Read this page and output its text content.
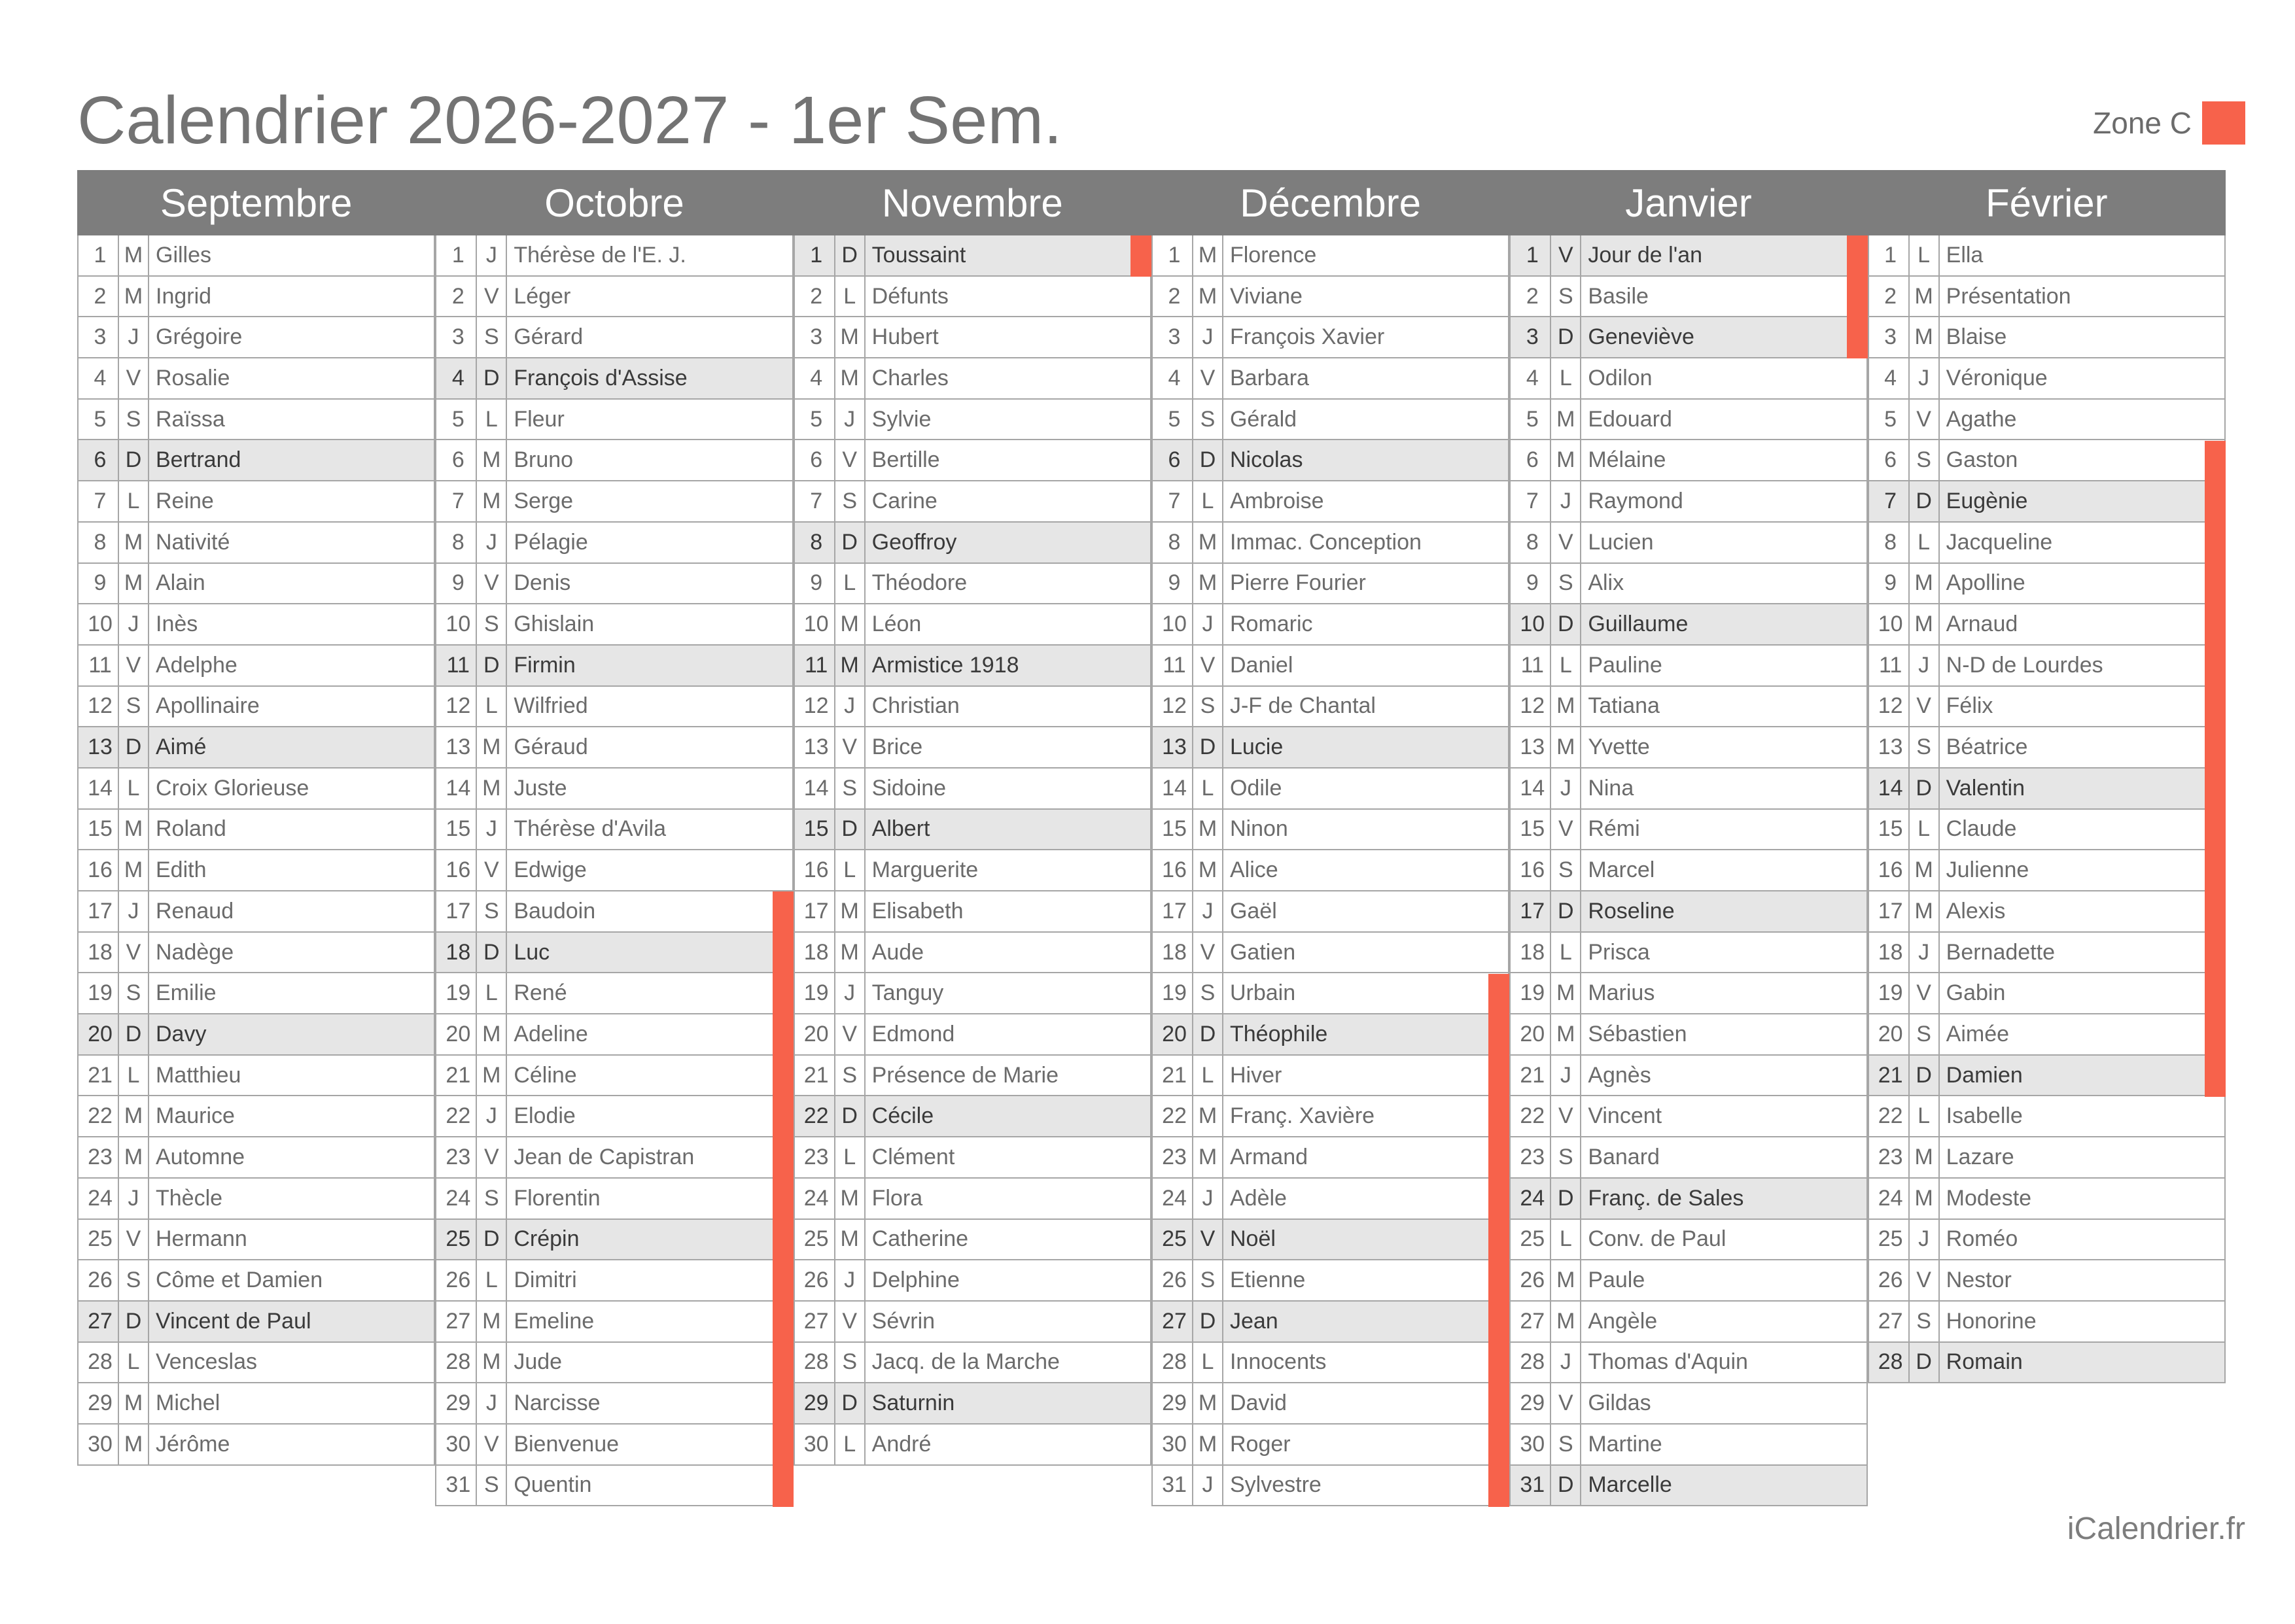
Calendrier 2026-2027 - 1er Sem.	Zone C
Septembre
1 M Gilles
2 M Ingrid
3 J Grégoire
4 V Rosalie
5 S Raïssa
6 D Bertrand
7 L Reine
8 M Nativité
9 M Alain
10 J Inès
11 V Adelphe
12 S Apollinaire
13 D Aimé
14 L Croix Glorieuse
15 M Roland
16 M Edith
17 J Renaud
18 V Nadège
19 S Emilie
20 D Davy
21 L Matthieu
22 M Maurice
23 M Automne
24 J Thècle
25 V Hermann
26 S Côme et Damien
27 D Vincent de Paul
28 L Venceslas
29 M Michel
30 M Jérôme
Octobre
1 J Thérèse de l'E. J.
2 V Léger
3 S Gérard
4 D François d'Assise
5 L Fleur
6 M Bruno
7 M Serge
8 J Pélagie
9 V Denis
10 S Ghislain
11 D Firmin
12 L Wilfried
13 M Géraud
14 M Juste
15 J Thérèse d'Avila
16 V Edwige
17 S Baudoin
18 D Luc
19 L René
20 M Adeline
21 M Céline
22 J Elodie
23 V Jean de Capistran
24 S Florentin
25 D Crépin
26 L Dimitri
27 M Emeline
28 M Jude
29 J Narcisse
30 V Bienvenue
31 S Quentin
Novembre
1 D Toussaint
2 L Défunts
3 M Hubert
4 M Charles
5 J Sylvie
6 V Bertille
7 S Carine
8 D Geoffroy
9 L Théodore
10 M Léon
11 M Armistice 1918
12 J Christian
13 V Brice
14 S Sidoine
15 D Albert
16 L Marguerite
17 M Elisabeth
18 M Aude
19 J Tanguy
20 V Edmond
21 S Présence de Marie
22 D Cécile
23 L Clément
24 M Flora
25 M Catherine
26 J Delphine
27 V Sévrin
28 S Jacq. de la Marche
29 D Saturnin
30 L André
Décembre
1 M Florence
2 M Viviane
3 J François Xavier
4 V Barbara
5 S Gérald
6 D Nicolas
7 L Ambroise
8 M Immac. Conception
9 M Pierre Fourier
10 J Romaric
11 V Daniel
12 S J-F de Chantal
13 D Lucie
14 L Odile
15 M Ninon
16 M Alice
17 J Gaël
18 V Gatien
19 S Urbain
20 D Théophile
21 L Hiver
22 M Franç. Xavière
23 M Armand
24 J Adèle
25 V Noël
26 S Etienne
27 D Jean
28 L Innocents
29 M David
30 M Roger
31 J Sylvestre
Janvier
1 V Jour de l'an
2 S Basile
3 D Geneviève
4 L Odilon
5 M Edouard
6 M Mélaine
7 J Raymond
8 V Lucien
9 S Alix
10 D Guillaume
11 L Pauline
12 M Tatiana
13 M Yvette
14 J Nina
15 V Rémi
16 S Marcel
17 D Roseline
18 L Prisca
19 M Marius
20 M Sébastien
21 J Agnès
22 V Vincent
23 S Banard
24 D Franç. de Sales
25 L Conv. de Paul
26 M Paule
27 M Angèle
28 J Thomas d'Aquin
29 V Gildas
30 S Martine
31 D Marcelle
Février
1 L Ella
2 M Présentation
3 M Blaise
4 J Véronique
5 V Agathe
6 S Gaston
7 D Eugènie
8 L Jacqueline
9 M Apolline
10 M Arnaud
11 J N-D de Lourdes
12 V Félix
13 S Béatrice
14 D Valentin
15 L Claude
16 M Julienne
17 M Alexis
18 J Bernadette
19 V Gabin
20 S Aimée
21 D Damien
22 L Isabelle
23 M Lazare
24 M Modeste
25 J Roméo
26 V Nestor
27 S Honorine
28 D Romain
iCalendrier.fr
